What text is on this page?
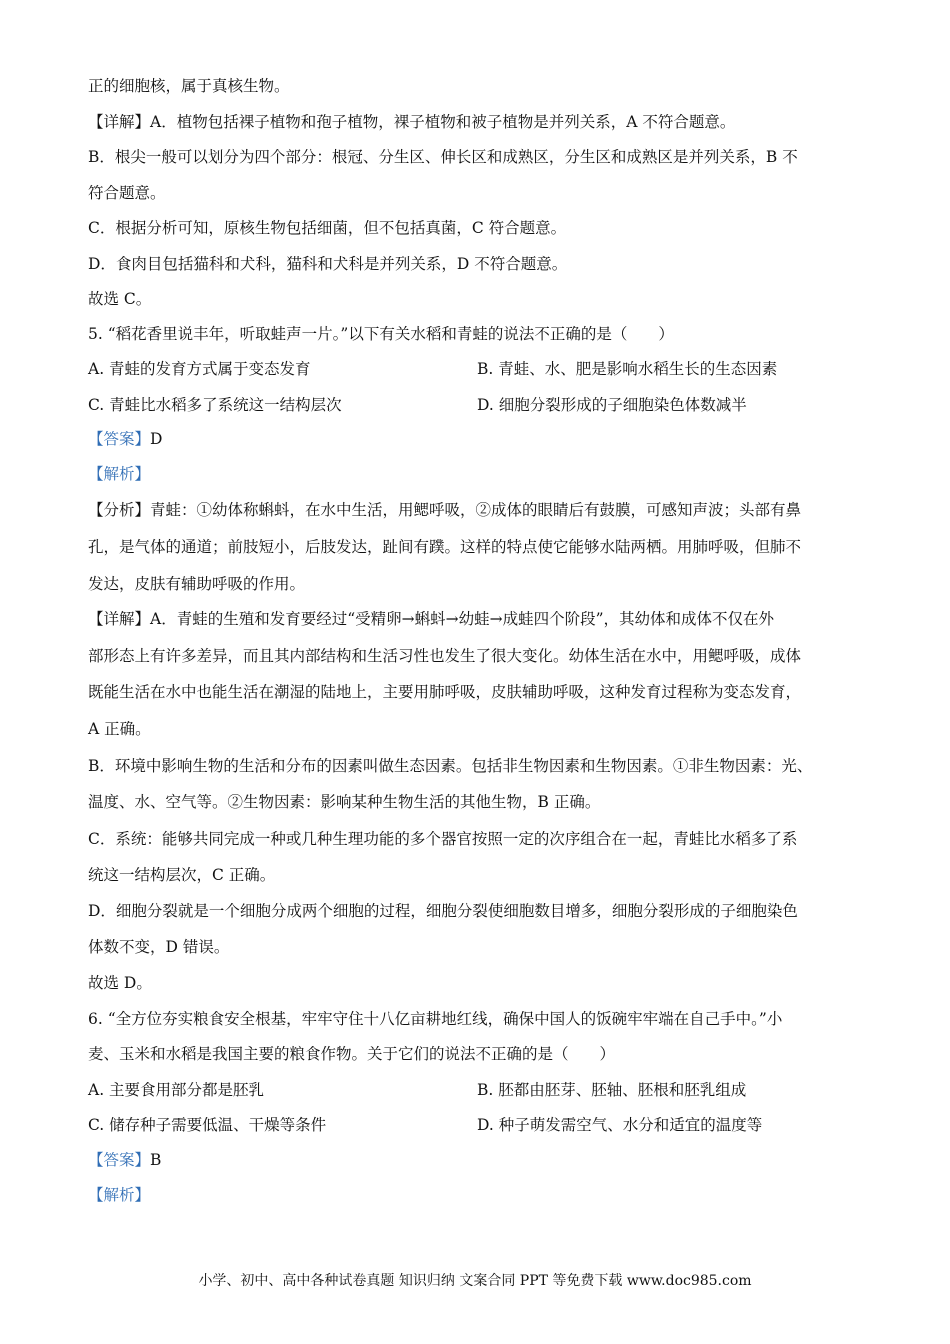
正的细胞核，属于真核生物。
【详解】A．植物包括裸子植物和孢子植物，裸子植物和被子植物是并列关系，A 不符合题意。
B．根尖一般可以划分为四个部分：根冠、分生区、伸长区和成熟区，分生区和成熟区是并列关系，B 不
符合题意。
C．根据分析可知，原核生物包括细菌，但不包括真菌，C 符合题意。
D．食肉目包括猫科和犬科，猫科和犬科是并列关系，D 不符合题意。
故选 C。
5. “稻花香里说丰年，听取蛙声一片。”以下有关水稻和青蛙的说法不正确的是（　　）
A. 青蛙的发育方式属于变态发育	B. 青蛙、水、肥是影响水稻生长的生态因素
C. 青蛙比水稻多了系统这一结构层次	D. 细胞分裂形成的子细胞染色体数减半
【答案】D
【解析】
【分析】青蛙：①幼体称蝌蚪，在水中生活，用鳃呼吸，②成体的眼睛后有鼓膜，可感知声波；头部有鼻
孔，是气体的通道；前肢短小，后肢发达，趾间有蹼。这样的特点使它能够水陆两栖。用肺呼吸，但肺不
发达，皮肤有辅助呼吸的作用。
【详解】A．青蛙的生殖和发育要经过“受精卵→蝌蚪→幼蛙→成蛙四个阶段”，其幼体和成体不仅在外
部形态上有许多差异，而且其内部结构和生活习性也发生了很大变化。幼体生活在水中，用鳃呼吸，成体
既能生活在水中也能生活在潮湿的陆地上，主要用肺呼吸，皮肤辅助呼吸，这种发育过程称为变态发育，
A 正确。
B．环境中影响生物的生活和分布的因素叫做生态因素。包括非生物因素和生物因素。①非生物因素：光、
温度、水、空气等。②生物因素：影响某种生物生活的其他生物，B 正确。
C．系统：能够共同完成一种或几种生理功能的多个器官按照一定的次序组合在一起，青蛙比水稻多了系
统这一结构层次，C 正确。
D．细胞分裂就是一个细胞分成两个细胞的过程，细胞分裂使细胞数目增多，细胞分裂形成的子细胞染色
体数不变，D 错误。
故选 D。
6. “全方位夯实粮食安全根基，牢牢守住十八亿亩耕地红线，确保中国人的饭碗牢牢端在自己手中。”小
麦、玉米和水稻是我国主要的粮食作物。关于它们的说法不正确的是（　　）
A. 主要食用部分都是胚乳	B. 胚都由胚芽、胚轴、胚根和胚乳组成
C. 储存种子需要低温、干燥等条件	D. 种子萌发需空气、水分和适宜的温度等
【答案】B
【解析】
小学、初中、高中各种试卷真题 知识归纳 文案合同 PPT 等免费下载 www.doc985.com
